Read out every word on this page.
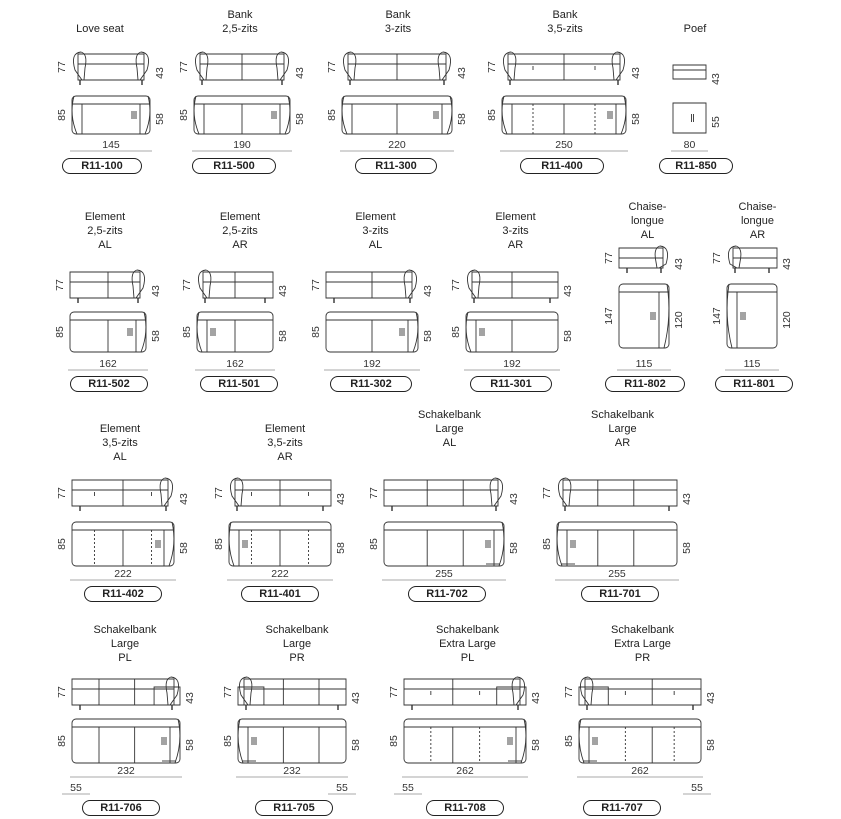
Love seat
77
43
85	58
145
R11-100
Bank
2,5-zits
77
43
85	58
190
R11-500
Bank
3-zits
77
43
85	58
220
R11-300
Bank
3,5-zits
77
43
85	58
250
R11-400
Poef
43
55
80
R11-850
Element
2,5-zits
AL
77
43
85	58
162
R11-502
Element
2,5-zits
AR
77
43
85	58
162
R11-501
Element
3-zits
AL
77
43
85	58
192
R11-302
Element
3-zits
AR
77
43
85	58
192
R11-301
Chaise-
longue
AL
77
43
147	120
115
R11-802
Chaise-
longue
AR
77
43
147	120
115
R11-801
Element
3,5-zits
AL
77
43
85	58
222
R11-402
Element
3,5-zits
AR
77
43
85	58
222
R11-401
Schakelbank
Large
AL
77
43
85	58
255
R11-702
Schakelbank
Large
AR
77
43
85	58
255
R11-701
Schakelbank
Large
PL
77
43
85	58
232
55
R11-706
Schakelbank
Large
PR
77
43
85	58
232
55
R11-705
Schakelbank
Extra Large
PL
77
43
85	58
262
55
R11-708
Schakelbank
Extra Large
PR
77
43
85	58
262
55
R11-707
